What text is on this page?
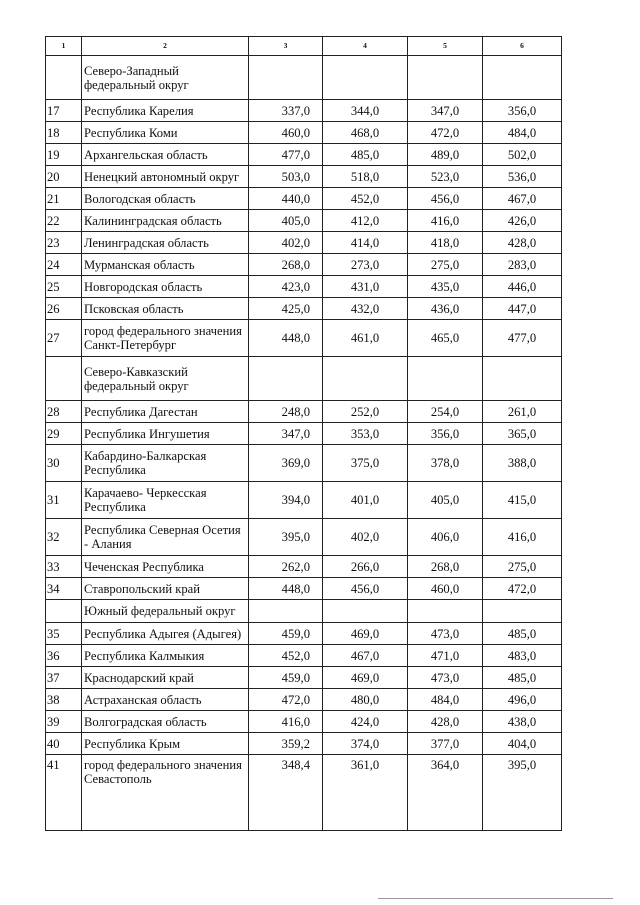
1	2	3	4	5	6
	Северо-Западный федеральный округ				
17	Республика Карелия	337,0	344,0	347,0	356,0
18	Республика Коми	460,0	468,0	472,0	484,0
19	Архангельская область	477,0	485,0	489,0	502,0
20	Ненецкий автономный округ	503,0	518,0	523,0	536,0
21	Вологодская область	440,0	452,0	456,0	467,0
22	Калининградская область	405,0	412,0	416,0	426,0
23	Ленинградская область	402,0	414,0	418,0	428,0
24	Мурманская область	268,0	273,0	275,0	283,0
25	Новгородская область	423,0	431,0	435,0	446,0
26	Псковская область	425,0	432,0	436,0	447,0
27	город федерального значения Санкт-Петербург	448,0	461,0	465,0	477,0
	Северо-Кавказский федеральный округ				
28	Республика Дагестан	248,0	252,0	254,0	261,0
29	Республика Ингушетия	347,0	353,0	356,0	365,0
30	Кабардино-Балкарская Республика	369,0	375,0	378,0	388,0
31	Карачаево- Черкесская Республика	394,0	401,0	405,0	415,0
32	Республика Северная Осетия - Алания	395,0	402,0	406,0	416,0
33	Чеченская Республика	262,0	266,0	268,0	275,0
34	Ставропольский край	448,0	456,0	460,0	472,0
	Южный федеральный округ				
35	Республика Адыгея (Адыгея)	459,0	469,0	473,0	485,0
36	Республика Калмыкия	452,0	467,0	471,0	483,0
37	Краснодарский край	459,0	469,0	473,0	485,0
38	Астраханская область	472,0	480,0	484,0	496,0
39	Волгоградская область	416,0	424,0	428,0	438,0
40	Республика Крым	359,2	374,0	377,0	404,0
41	город федерального значения Севастополь	348,4	361,0	364,0	395,0
